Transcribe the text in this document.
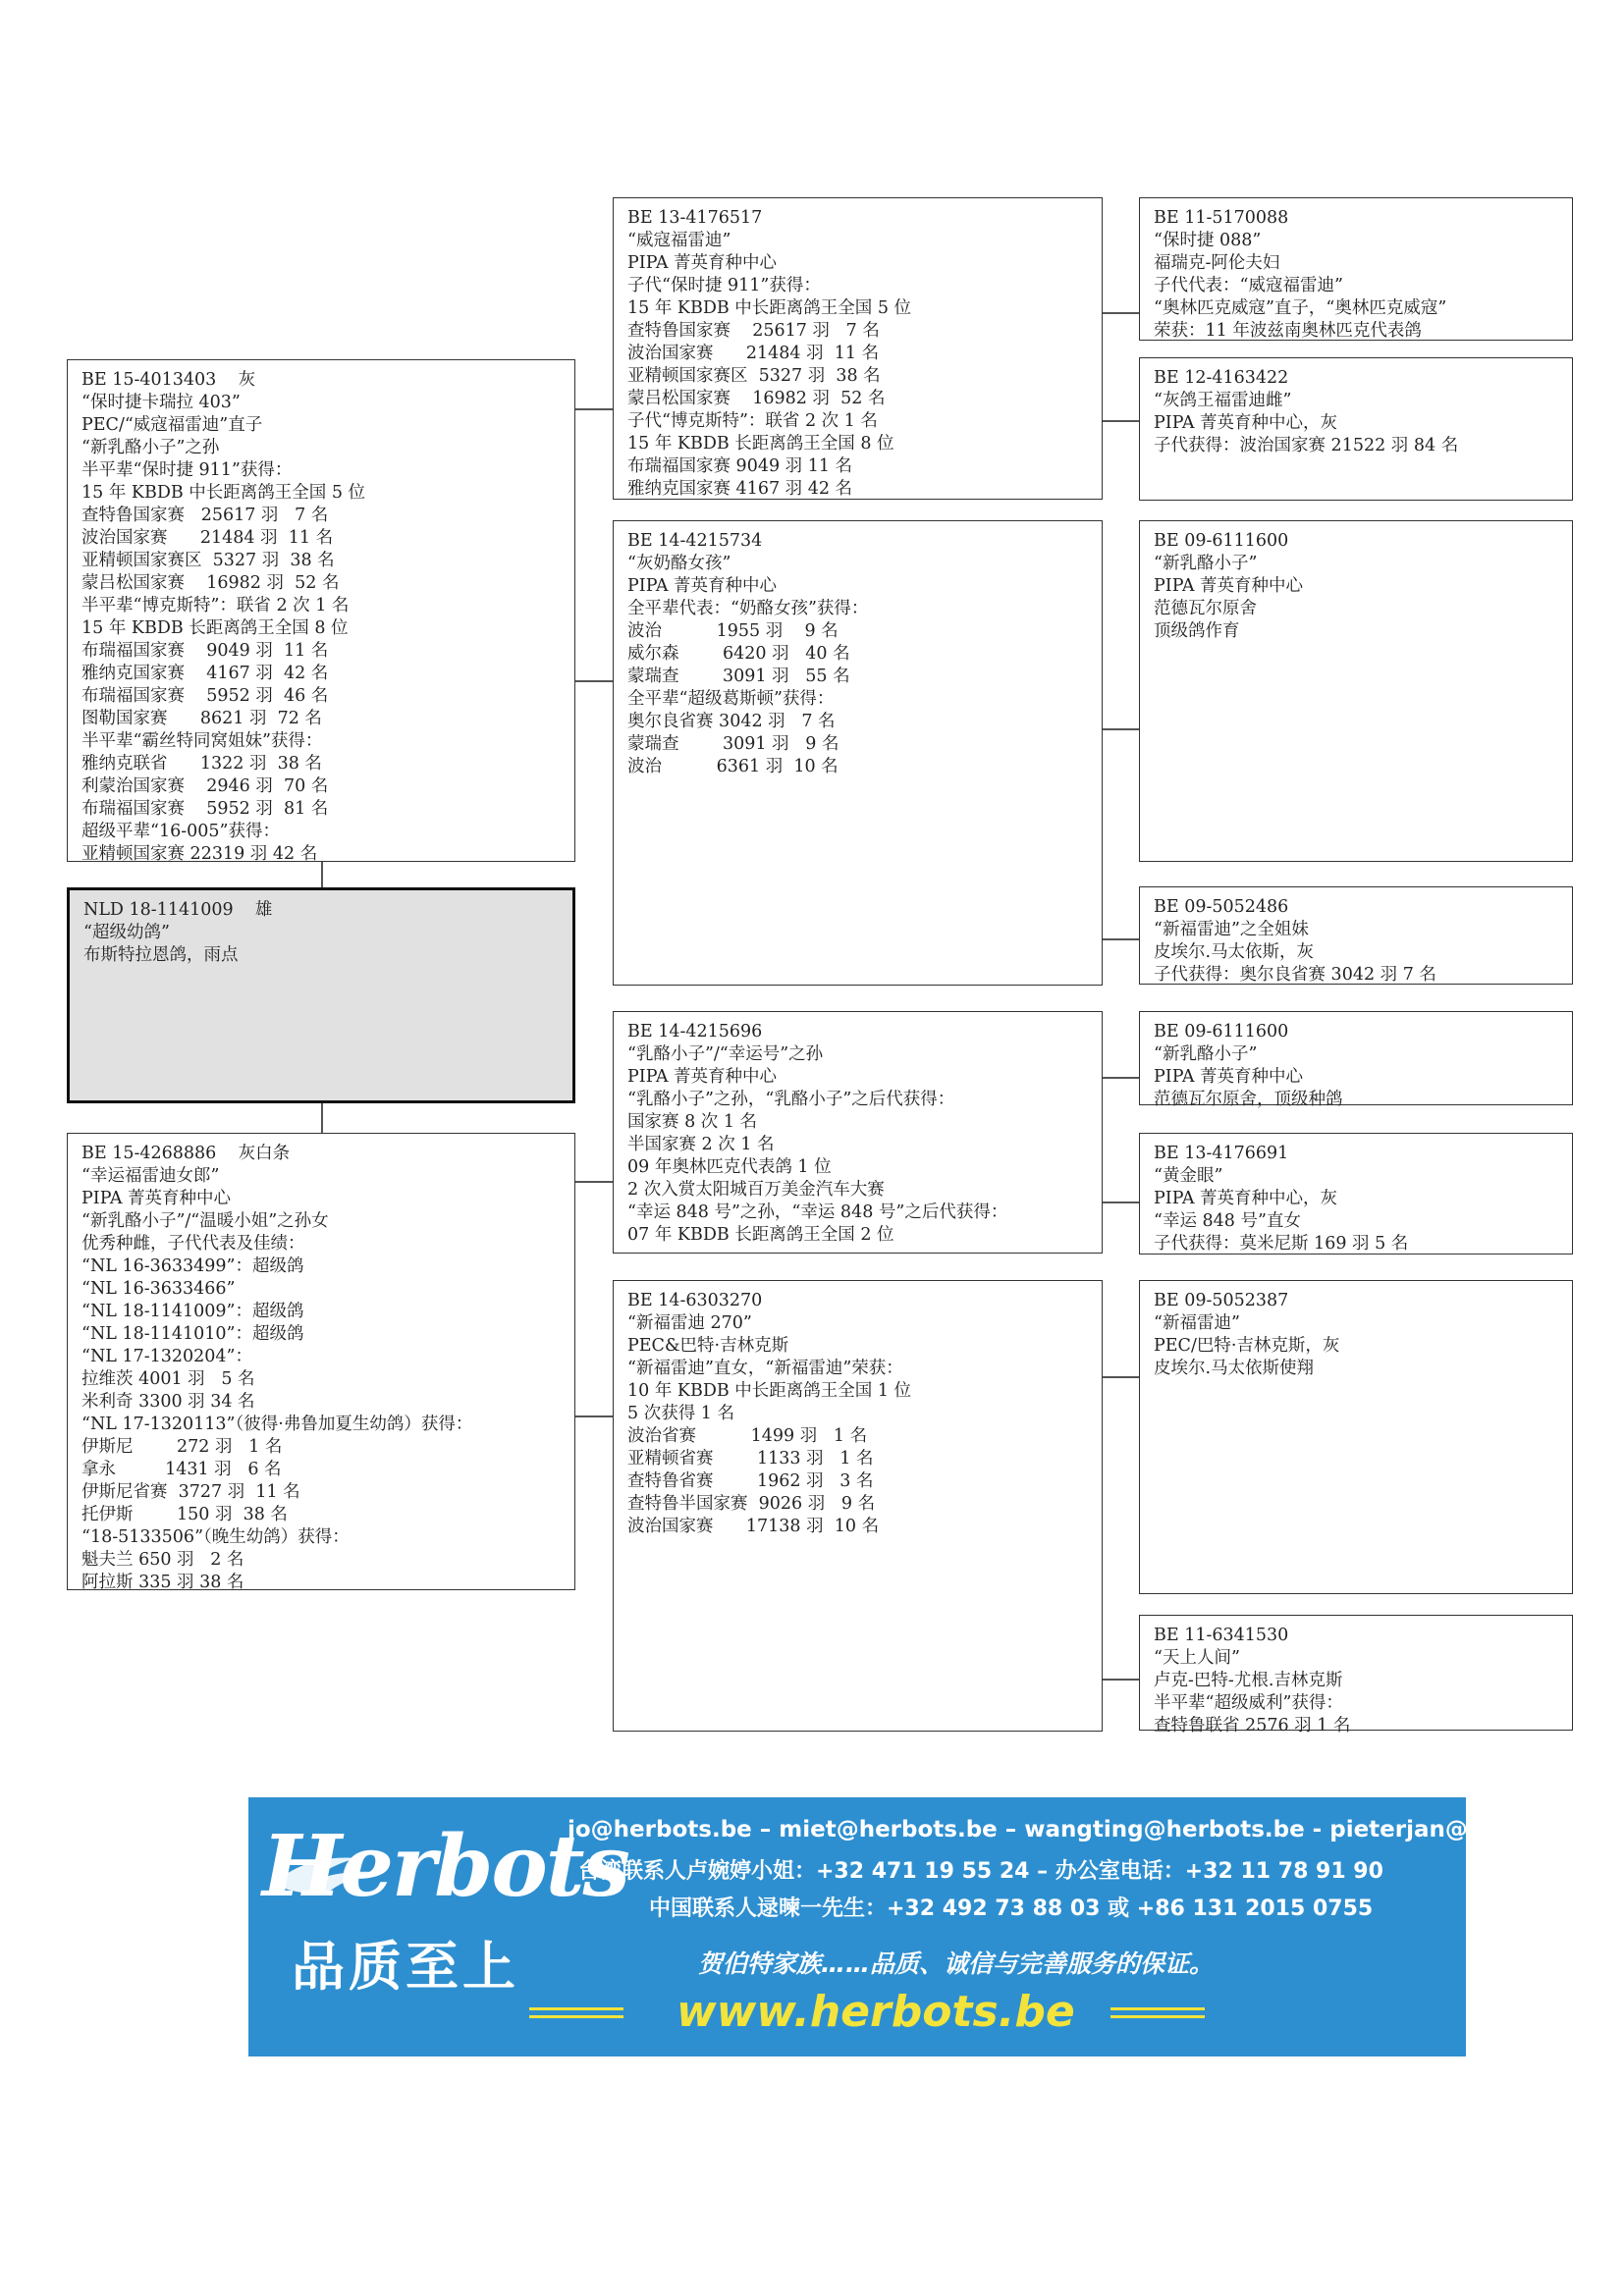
BE 15-4013403    灰
“保时捷卡瑞拉 403”
PEC/“威寇福雷迪”直子
“新乳酪小子”之孙
半平辈“保时捷 911”获得：
15 年 KBDB 中长距离鸽王全国 5 位
查特鲁国家赛   25617 羽   7 名
波治国家赛      21484 羽  11 名
亚精顿国家赛区  5327 羽  38 名
蒙吕松国家赛    16982 羽  52 名
半平辈“博克斯特”：联省 2 次 1 名
15 年 KBDB 长距离鸽王全国 8 位
布瑞福国家赛    9049 羽  11 名
雅纳克国家赛    4167 羽  42 名
布瑞福国家赛    5952 羽  46 名
图勒国家赛      8621 羽  72 名
半平辈“霸丝特同窝姐妹”获得：
雅纳克联省      1322 羽  38 名
利蒙治国家赛    2946 羽  70 名
布瑞福国家赛    5952 羽  81 名
超级平辈“16-005”获得：
亚精顿国家赛 22319 羽 42 名
NLD 18-1141009    雄
“超级幼鸽”
布斯特拉恩鸽，雨点
BE 15-4268886    灰白条
“幸运福雷迪女郎”
PIPA 菁英育种中心
“新乳酪小子”/“温暖小姐”之孙女
优秀种雌，子代代表及佳绩：
“NL 16-3633499”：超级鸽
“NL 16-3633466”
“NL 18-1141009”：超级鸽
“NL 18-1141010”：超级鸽
“NL 17-1320204”：
拉维茨 4001 羽   5 名
米利奇 3300 羽 34 名
“NL 17-1320113”（彼得·弗鲁加夏生幼鸽）获得：
伊斯尼        272 羽   1 名
拿永         1431 羽   6 名
伊斯尼省赛  3727 羽  11 名
托伊斯        150 羽  38 名
“18-5133506”（晚生幼鸽）获得：
魁夫兰 650 羽   2 名
阿拉斯 335 羽 38 名
BE 13-4176517
“威寇福雷迪”
PIPA 菁英育种中心
子代“保时捷 911”获得：
15 年 KBDB 中长距离鸽王全国 5 位
查特鲁国家赛    25617 羽   7 名
波治国家赛      21484 羽  11 名
亚精顿国家赛区  5327 羽  38 名
蒙吕松国家赛    16982 羽  52 名
子代“博克斯特”：联省 2 次 1 名
15 年 KBDB 长距离鸽王全国 8 位
布瑞福国家赛 9049 羽 11 名
雅纳克国家赛 4167 羽 42 名
BE 14-4215734
“灰奶酪女孩”
PIPA 菁英育种中心
全平辈代表：“奶酪女孩”获得：
波治          1955 羽    9 名
威尔森        6420 羽   40 名
蒙瑞查        3091 羽   55 名
全平辈“超级葛斯顿”获得：
奥尔良省赛 3042 羽   7 名
蒙瑞查        3091 羽   9 名
波治          6361 羽  10 名
BE 14-4215696
“乳酪小子”/“幸运号”之孙
PIPA 菁英育种中心
“乳酪小子”之孙，“乳酪小子”之后代获得：
国家赛 8 次 1 名
半国家赛 2 次 1 名
09 年奥林匹克代表鸽 1 位
2 次入赏太阳城百万美金汽车大赛
“幸运 848 号”之孙，“幸运 848 号”之后代获得：
07 年 KBDB 长距离鸽王全国 2 位
BE 14-6303270
“新福雷迪 270”
PEC&巴特·吉林克斯
“新福雷迪”直女，“新福雷迪”荣获：
10 年 KBDB 中长距离鸽王全国 1 位
5 次获得 1 名
波治省赛          1499 羽   1 名
亚精顿省赛        1133 羽   1 名
查特鲁省赛        1962 羽   3 名
查特鲁半国家赛  9026 羽   9 名
波治国家赛      17138 羽  10 名
BE 11-5170088
“保时捷 088”
福瑞克-阿伦夫妇
子代代表：“威寇福雷迪”
“奥林匹克威寇”直子，“奥林匹克威寇”
荣获：11 年波兹南奥林匹克代表鸽
BE 12-4163422
“灰鸽王福雷迪雌”
PIPA 菁英育种中心，灰
子代获得：波治国家赛 21522 羽 84 名
BE 09-6111600
“新乳酪小子”
PIPA 菁英育种中心
范德瓦尔原舍
顶级鸽作育
BE 09-5052486
“新福雷迪”之全姐妹
皮埃尔.马太依斯，灰
子代获得：奥尔良省赛 3042 羽 7 名
BE 09-6111600
“新乳酪小子”
PIPA 菁英育种中心
范德瓦尔原舍，顶级种鸽
BE 13-4176691
“黄金眼”
PIPA 菁英育种中心，灰
“幸运 848 号”直女
子代获得：莫米尼斯 169 羽 5 名
BE 09-5052387
“新福雷迪”
PEC/巴特·吉林克斯，灰
皮埃尔.马太依斯使翔
BE 11-6341530
“天上人间”
卢克-巴特-尤根.吉林克斯
半平辈“超级威利”获得：
查特鲁联省 2576 羽 1 名
Herbots
品质至上
jo@herbots.be – miet@herbots.be – wangting@herbots.be - pieterjan@herbots.be
台湾联系人卢婉婷小姐：+32 471 19 55 24 – 办公室电话：+32 11 78 91 90
中国联系人逯暕一先生：+32 492 73 88 03 或 +86 131 2015 0755
贺伯特家族……品质、诚信与完善服务的保证。
www.herbots.be
